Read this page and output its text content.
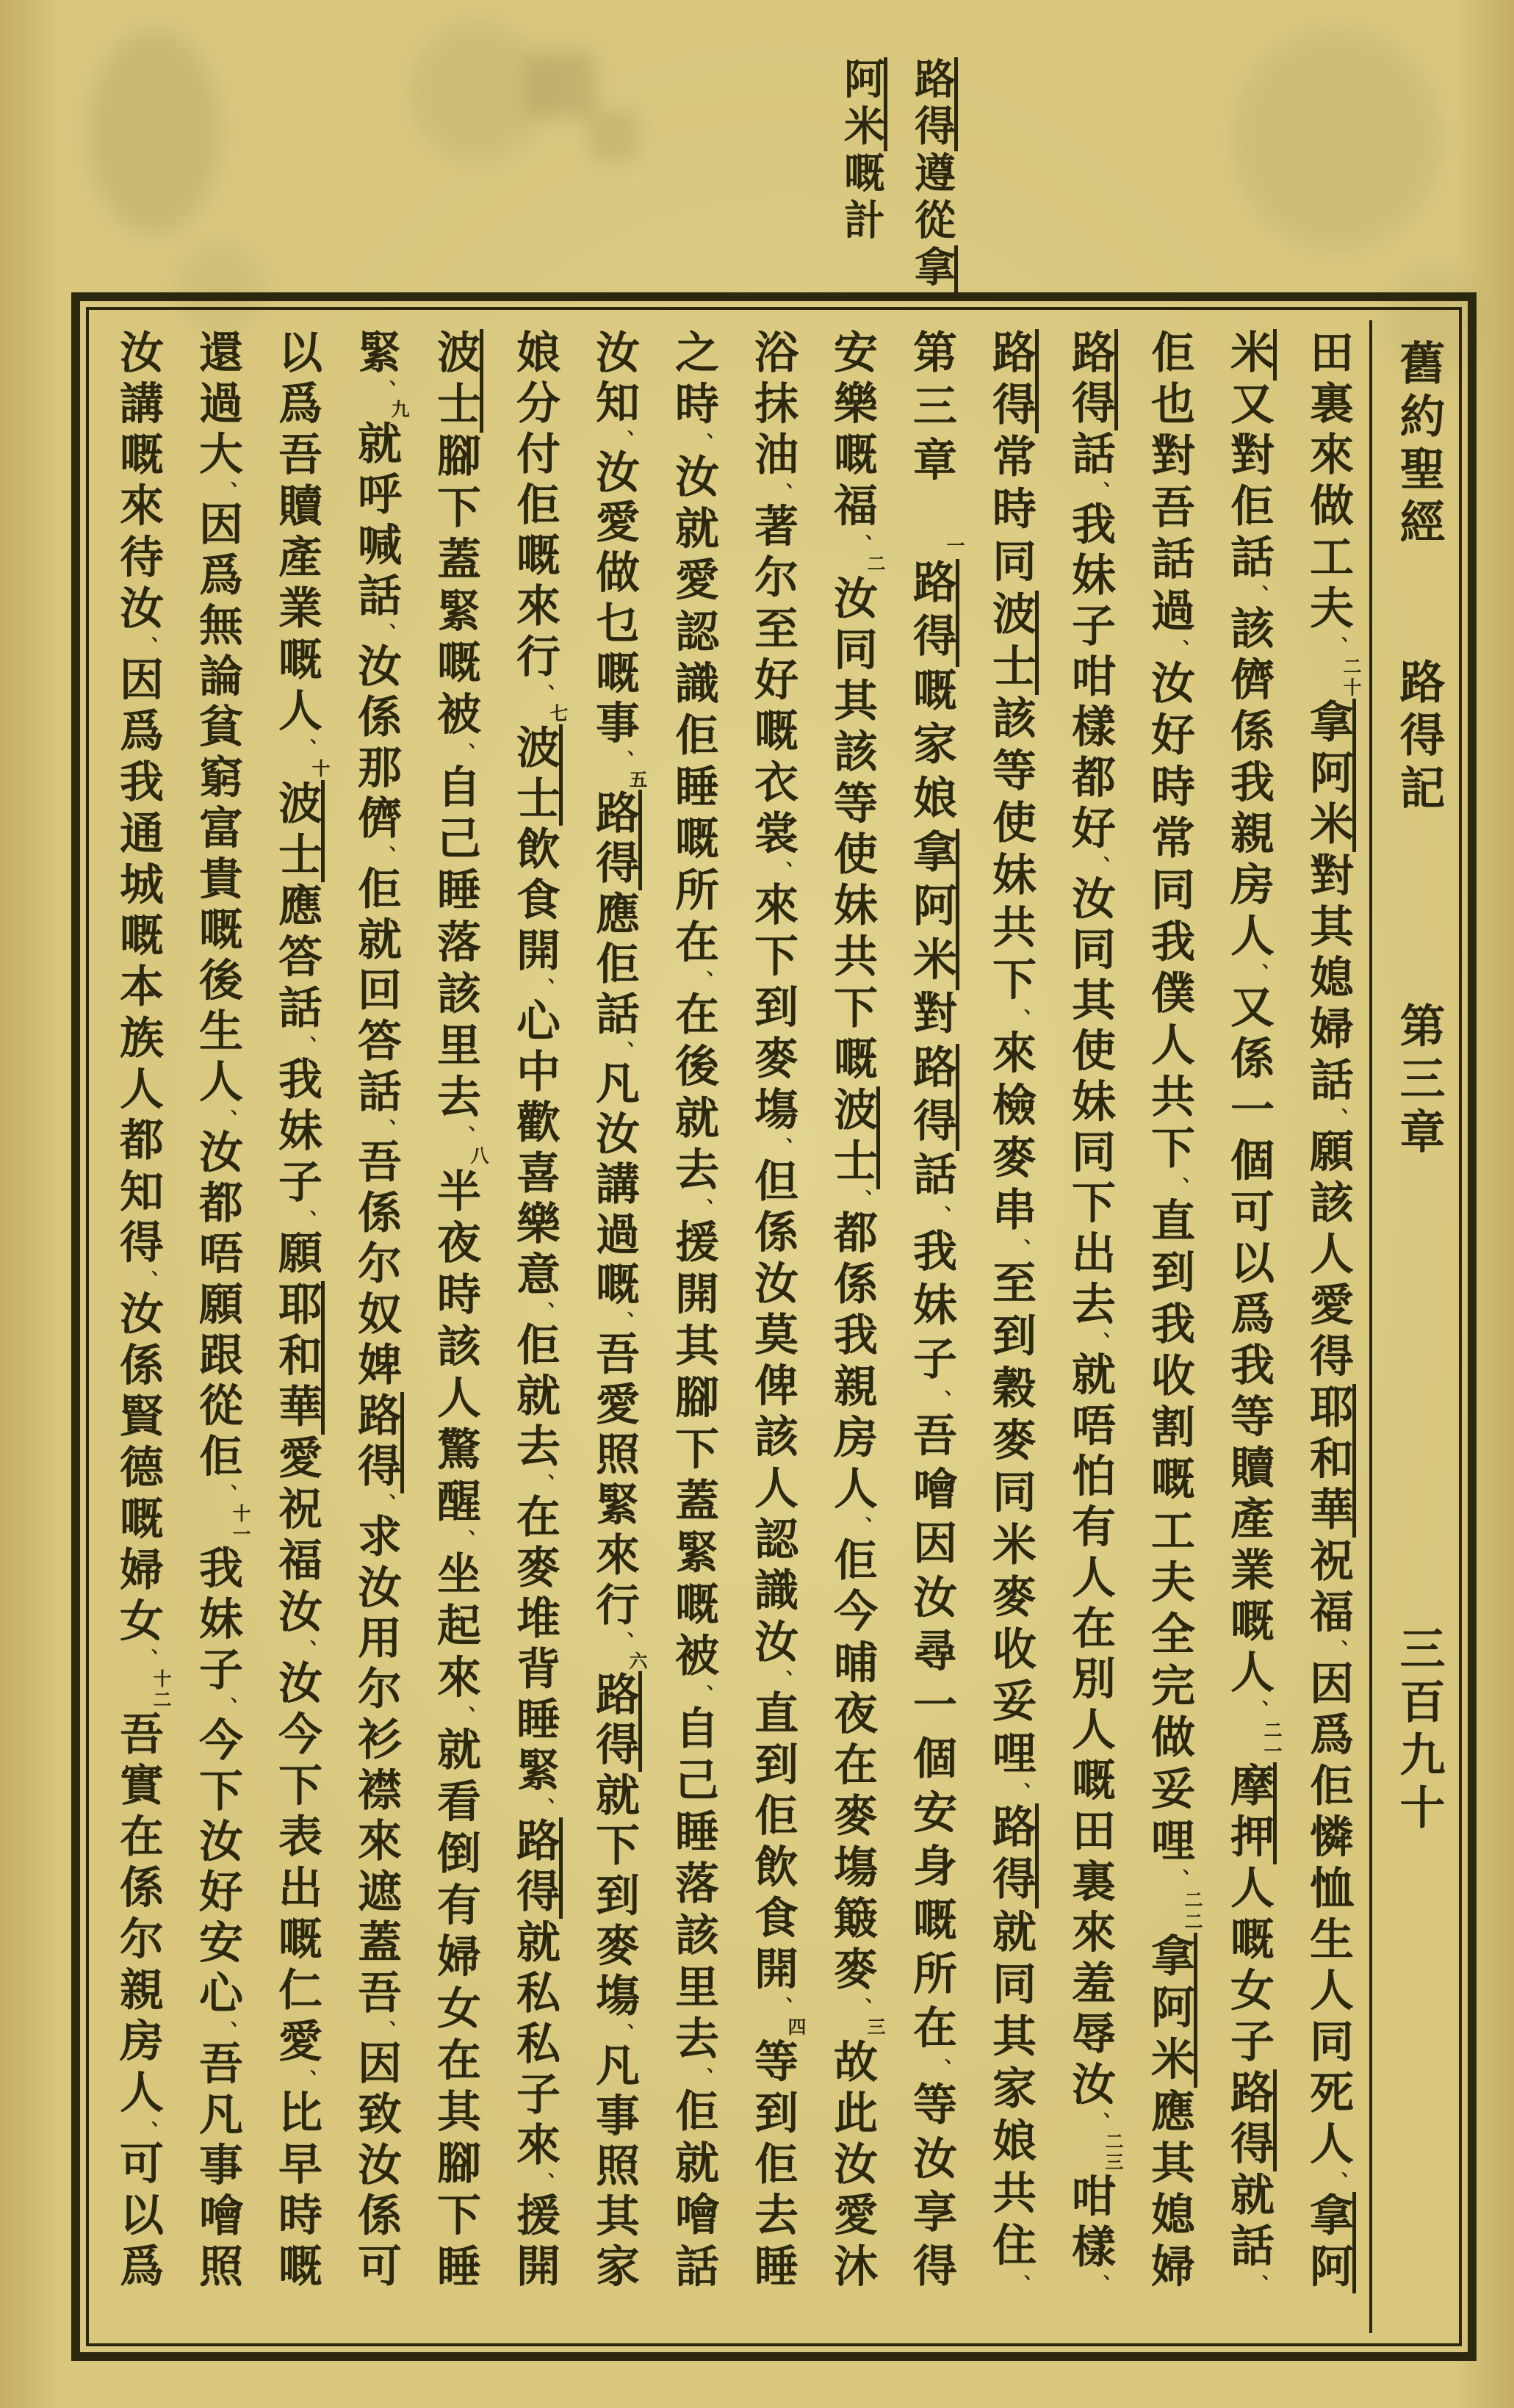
路得遵從拿阿米嘅計
舊約聖經路得記第三章三百九十

田裏來做工夫、二十拿阿米對其媳婦話、願該人愛得耶和華祝福、因爲佢憐恤生人同死人、拿阿

米又對佢話、該儕係我親房人、又係一個可以爲我等贖產業嘅人、二一摩押人嘅女子路得就話、

佢也對吾話過、汝好時常同我僕人共下、直到我收割嘅工夫全完做妥哩、二二拿阿米應其媳婦

路得話、我妹子咁樣都好、汝同其使妹同下出去、就唔怕有人在別人嘅田裏來羞辱汝、二三咁樣、

路得常時同波士該等使妹共下、來檢麥串、至到穀麥同米麥收妥哩、路得就同其家娘共住、

第三章一路得嘅家娘拿阿米對路得話、我妹子、吾噲因汝尋一個安身嘅所在、等汝享得

安樂嘅福、二汝同其該等使妹共下嘅波士、都係我親房人、佢今晡夜在麥塲簸麥、三故此汝愛沐

浴抹油、著尔至好嘅衣裳、來下到麥塲、但係汝莫俾該人認識汝、直到佢飲食開、四等到佢去睡

之時、汝就愛認識佢睡嘅所在、在後就去、援開其腳下蓋緊嘅被、自己睡落該里去、佢就噲話

汝知、汝愛做乜嘅事、五路得應佢話、凡汝講過嘅、吾愛照緊來行、六路得就下到麥塲、凡事照其家

娘分付佢嘅來行、七波士飲食開、心中歡喜樂意、佢就去、在麥堆背睡緊、路得就私私子來、援開

波士腳下蓋緊嘅被、自己睡落該里去、八半夜時該人驚醒、坐起來、就看倒有婦女在其腳下睡

緊、九就呼喊話、汝係那儕、佢就回答話、吾係尔奴婢路得、求汝用尔衫襟來遮蓋吾、因致汝係可

以爲吾贖產業嘅人、十波士應答話、我妹子、願耶和華愛祝福汝、汝今下表出嘅仁愛、比早時嘅

還過大、因爲無論貧窮富貴嘅後生人、汝都唔願跟從佢、十一我妹子、今下汝好安心、吾凡事噲照

汝講嘅來待汝、因爲我通城嘅本族人都知得、汝係賢德嘅婦女、十二吾實在係尔親房人、可以爲
